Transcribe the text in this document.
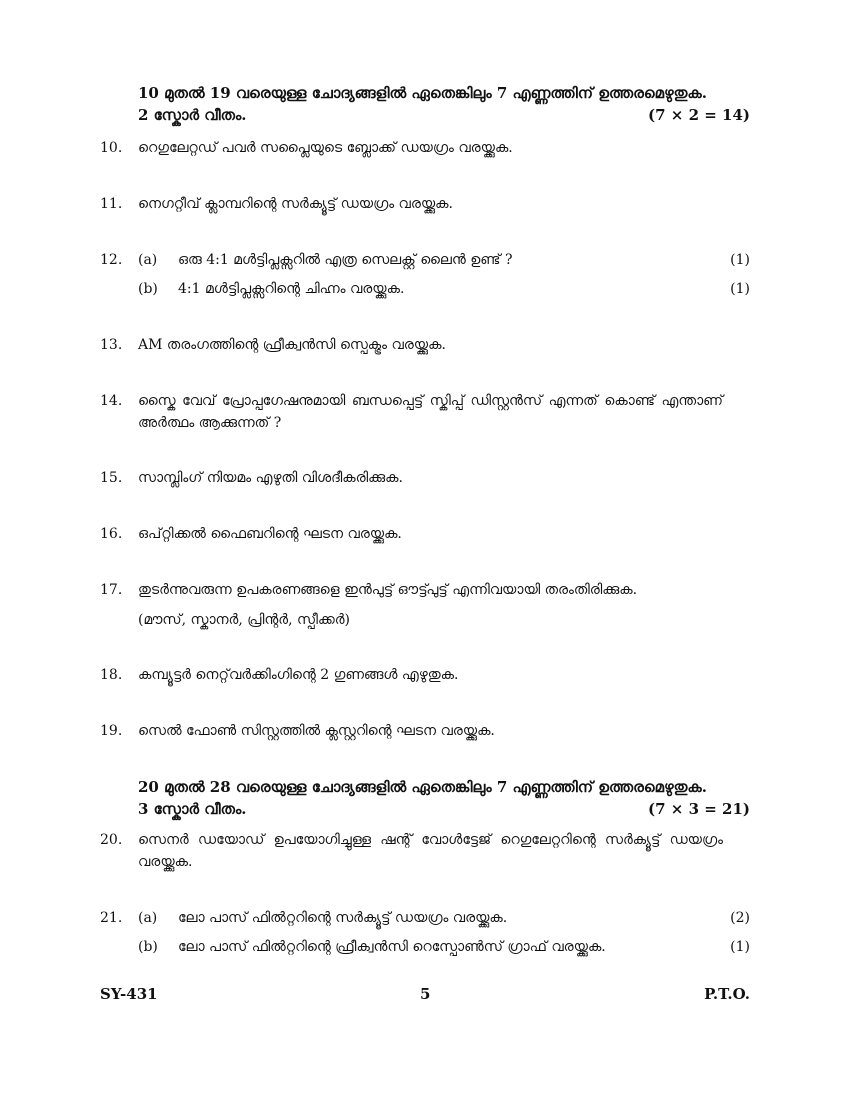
10 മുതൽ 19 വരെയുള്ള ചോദ്യങ്ങളിൽ ഏതെങ്കിലും 7 എണ്ണത്തിന് ഉത്തരമെഴുതുക.
2 സ്കോർ വീതം.	(7 × 2 = 14)
10. റെഗുലേറ്റഡ് പവർ സപ്ലൈയുടെ ബ്ലോക്ക് ഡയഗ്രം വരയ്ക്കുക.
11. നെഗറ്റീവ് ക്ലാമ്പറിന്റെ സർക്യൂട്ട് ഡയഗ്രം വരയ്ക്കുക.
12. (a) ഒരു 4:1 മൾട്ടിപ്ലക്സറിൽ എത്ര സെലക്റ്റ് ലൈൻ ഉണ്ട് ?	(1)
(b) 4:1 മൾട്ടിപ്ലക്സറിന്റെ ചിഹ്നം വരയ്ക്കുക.	(1)
13. AM തരംഗത്തിന്റെ ഫ്രീക്വൻസി സ്പെക്ട്രം വരയ്ക്കുക.
14. സ്കൈ വേവ് പ്രോപ്പഗേഷനുമായി ബന്ധപ്പെട്ട് സ്കിപ്പ് ഡിസ്റ്റൻസ് എന്നത് കൊണ്ട് എന്താണ് അർത്ഥം ആക്കുന്നത് ?
15. സാമ്പ്ലിംഗ് നിയമം എഴുതി വിശദീകരിക്കുക.
16. ഒപ്റ്റിക്കൽ ഫൈബറിന്റെ ഘടന വരയ്ക്കുക.
17. തുടർന്നുവരുന്ന ഉപകരണങ്ങളെ ഇൻപുട്ട് ഔട്ട്പുട്ട് എന്നിവയായി തരംതിരിക്കുക.
(മൗസ്, സ്കാനർ, പ്രിന്റർ, സ്പീക്കർ)
18. കമ്പ്യൂട്ടർ നെറ്റ്‌വർക്കിംഗിന്റെ 2 ഗുണങ്ങൾ എഴുതുക.
19. സെൽ ഫോൺ സിസ്റ്റത്തിൽ ക്ലസ്റ്ററിന്റെ ഘടന വരയ്ക്കുക.
20 മുതൽ 28 വരെയുള്ള ചോദ്യങ്ങളിൽ ഏതെങ്കിലും 7 എണ്ണത്തിന് ഉത്തരമെഴുതുക.
3 സ്കോർ വീതം.	(7 × 3 = 21)
20. സെനർ ഡയോഡ് ഉപയോഗിച്ചുള്ള ഷന്റ് വോൾട്ടേജ് റെഗുലേറ്ററിന്റെ സർക്യൂട്ട് ഡയഗ്രം വരയ്ക്കുക.
21. (a) ലോ പാസ് ഫിൽറ്ററിന്റെ സർക്യൂട്ട് ഡയഗ്രം വരയ്ക്കുക.	(2)
(b) ലോ പാസ് ഫിൽറ്ററിന്റെ ഫ്രീക്വൻസി റെസ്പോൺസ് ഗ്രാഫ് വരയ്ക്കുക.	(1)
SY-431	5	P.T.O.
